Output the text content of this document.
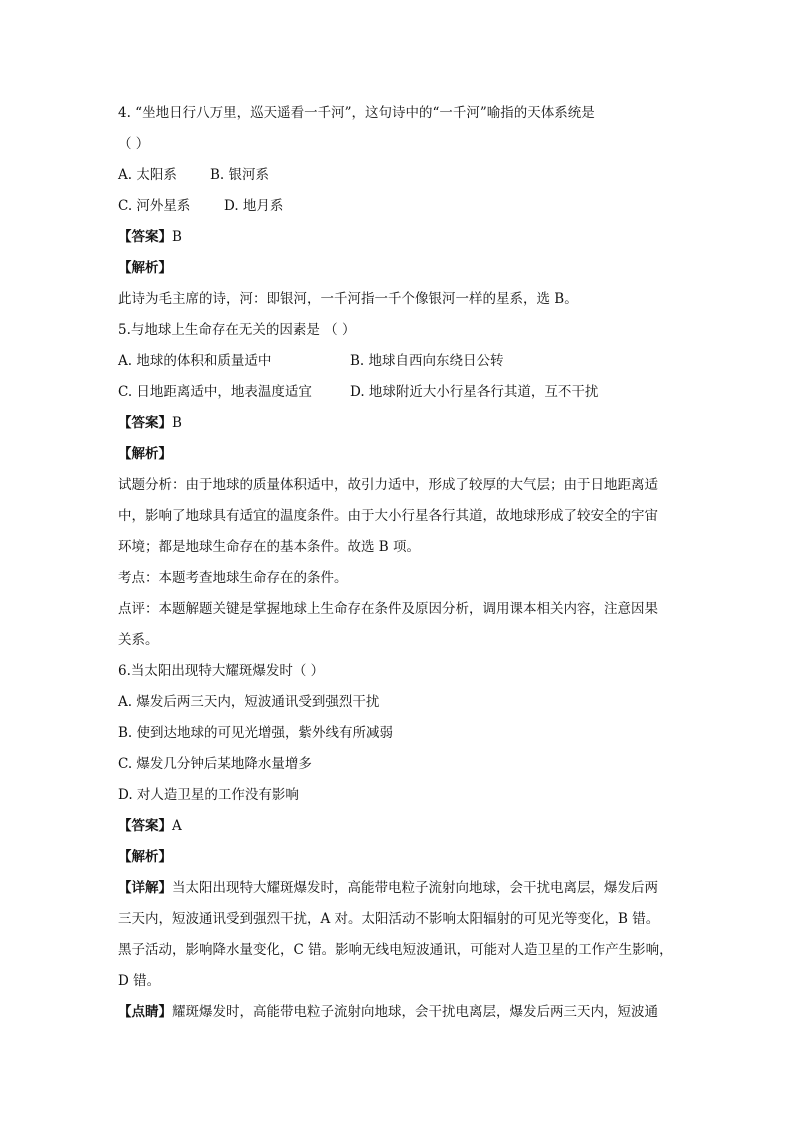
4. “坐地日行八万里，巡天遥看一千河”，这句诗中的“一千河”喻指的天体系统是
（ ）
A. 太阳系 B. 银河系
C. 河外星系 D. 地月系
【答案】B
【解析】
此诗为毛主席的诗，河：即银河，一千河指一千个像银河一样的星系，选 B。
5.与地球上生命存在无关的因素是 （ ）
A. 地球的体积和质量适中	B. 地球自西向东绕日公转
C. 日地距离适中，地表温度适宜	D. 地球附近大小行星各行其道，互不干扰
【答案】B
【解析】
试题分析：由于地球的质量体积适中，故引力适中，形成了较厚的大气层；由于日地距离适
中，影响了地球具有适宜的温度条件。由于大小行星各行其道，故地球形成了较安全的宇宙
环境；都是地球生命存在的基本条件。故选 B 项。
考点：本题考查地球生命存在的条件。
点评：本题解题关键是掌握地球上生命存在条件及原因分析，调用课本相关内容，注意因果
关系。
6.当太阳出现特大耀斑爆发时（ ）
A. 爆发后两三天内，短波通讯受到强烈干扰
B. 使到达地球的可见光增强，紫外线有所减弱
C. 爆发几分钟后某地降水量增多
D. 对人造卫星的工作没有影响
【答案】A
【解析】
【详解】当太阳出现特大耀斑爆发时，高能带电粒子流射向地球，会干扰电离层，爆发后两
三天内，短波通讯受到强烈干扰，A 对。太阳活动不影响太阳辐射的可见光等变化，B 错。
黑子活动，影响降水量变化，C 错。影响无线电短波通讯，可能对人造卫星的工作产生影响，
D 错。
【点睛】耀斑爆发时，高能带电粒子流射向地球，会干扰电离层，爆发后两三天内，短波通
